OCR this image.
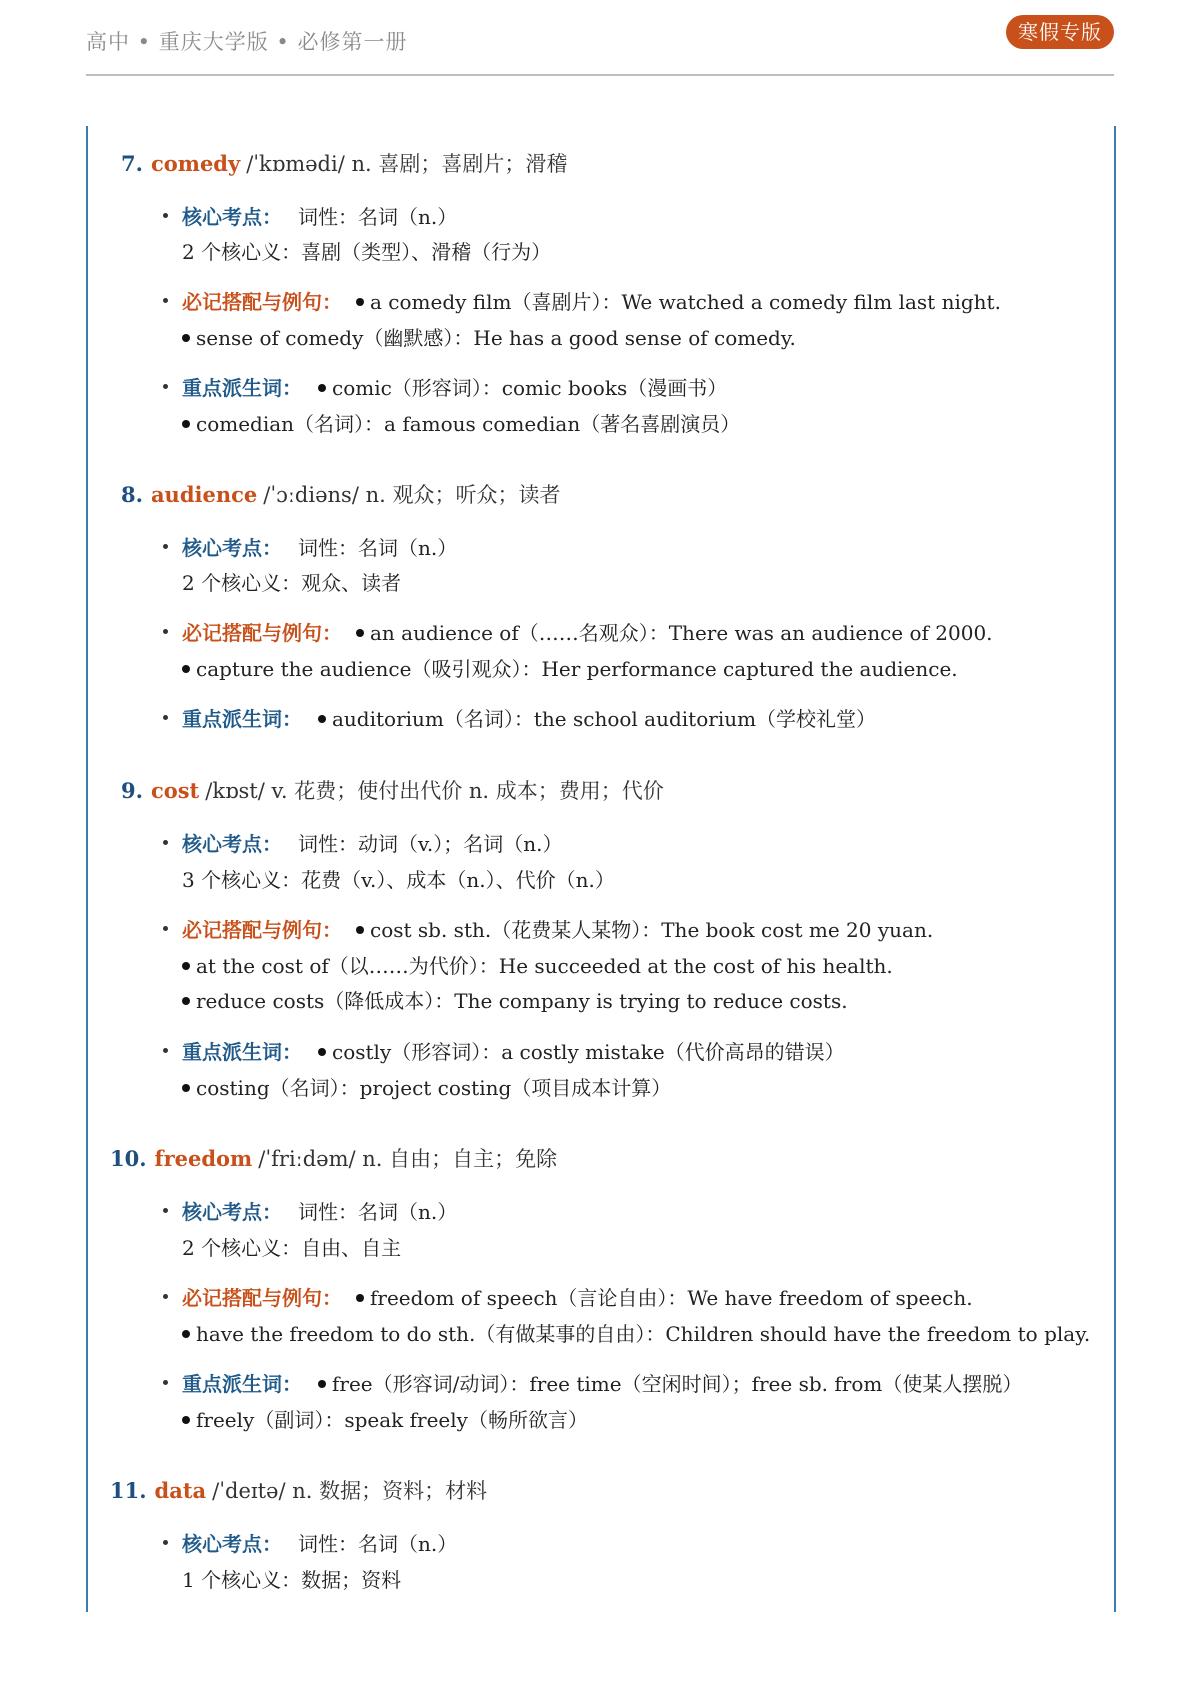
高中 • 重庆大学版 • 必修第一册	寒假专版
7. comedy /ˈkɒmədi/ n. 喜剧；喜剧片；滑稽
核心考点： 词性：名词（n.）
2 个核心义：喜剧（类型）、滑稽（行为）
必记搭配与例句： a comedy film（喜剧片）：We watched a comedy film last night.
sense of comedy（幽默感）：He has a good sense of comedy.
重点派生词： comic（形容词）：comic books（漫画书）
comedian（名词）：a famous comedian（著名喜剧演员）
8. audience /ˈɔːdiəns/ n. 观众；听众；读者
核心考点： 词性：名词（n.）
2 个核心义：观众、读者
必记搭配与例句： an audience of（……名观众）：There was an audience of 2000.
capture the audience（吸引观众）：Her performance captured the audience.
重点派生词： auditorium（名词）：the school auditorium（学校礼堂）
9. cost /kɒst/ v. 花费；使付出代价 n. 成本；费用；代价
核心考点： 词性：动词（v.）；名词（n.）
3 个核心义：花费（v.）、成本（n.）、代价（n.）
必记搭配与例句： cost sb. sth.（花费某人某物）：The book cost me 20 yuan.
at the cost of（以……为代价）：He succeeded at the cost of his health.
reduce costs（降低成本）：The company is trying to reduce costs.
重点派生词： costly（形容词）：a costly mistake（代价高昂的错误）
costing（名词）：project costing（项目成本计算）
10. freedom /ˈfriːdəm/ n. 自由；自主；免除
核心考点： 词性：名词（n.）
2 个核心义：自由、自主
必记搭配与例句： freedom of speech（言论自由）：We have freedom of speech.
have the freedom to do sth.（有做某事的自由）：Children should have the freedom to play.
重点派生词： free（形容词/动词）：free time（空闲时间）；free sb. from（使某人摆脱）
freely（副词）：speak freely（畅所欲言）
11. data /ˈdeɪtə/ n. 数据；资料；材料
核心考点： 词性：名词（n.）
1 个核心义：数据；资料
